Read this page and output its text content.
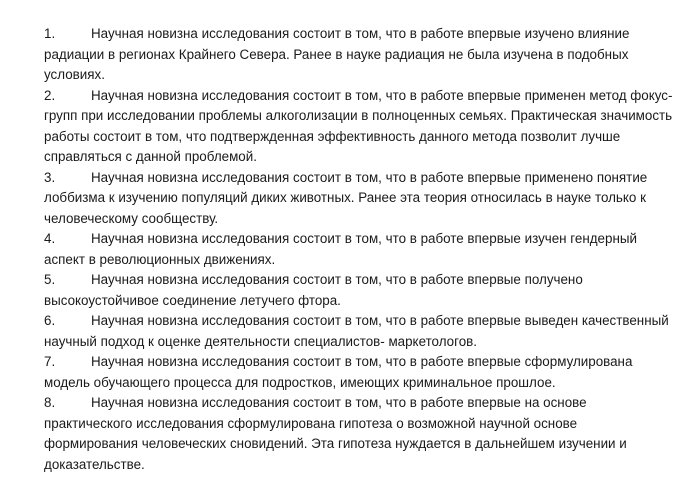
1.	Научная новизна исследования состоит в том, что в работе впервые изучено влияние радиации в регионах Крайнего Севера. Ранее в науке радиация не была изучена в подобных условиях.

2.	Научная новизна исследования состоит в том, что в работе впервые применен метод фокус-групп при исследовании проблемы алкоголизации в полноценных семьях. Практическая значимость работы состоит в том, что подтвержденная эффективность данного метода позволит лучше справляться с данной проблемой.

3.	Научная новизна исследования состоит в том, что в работе впервые применено понятие лоббизма к изучению популяций диких животных. Ранее эта теория относилась в науке только к человеческому сообществу.

4.	Научная новизна исследования состоит в том, что в работе впервые изучен гендерный аспект в революционных движениях.

5.	Научная новизна исследования состоит в том, что в работе впервые получено высокоустойчивое соединение летучего фтора.

6.	Научная новизна исследования состоит в том, что в работе впервые выведен качественный научный подход к оценке деятельности специалистов- маркетологов.

7.	Научная новизна исследования состоит в том, что в работе впервые сформулирована модель обучающего процесса для подростков, имеющих криминальное прошлое.

8.	Научная новизна исследования состоит в том, что в работе впервые на основе практического исследования сформулирована гипотеза о возможной научной основе формирования человеческих сновидений. Эта гипотеза нуждается в дальнейшем изучении и доказательстве.
